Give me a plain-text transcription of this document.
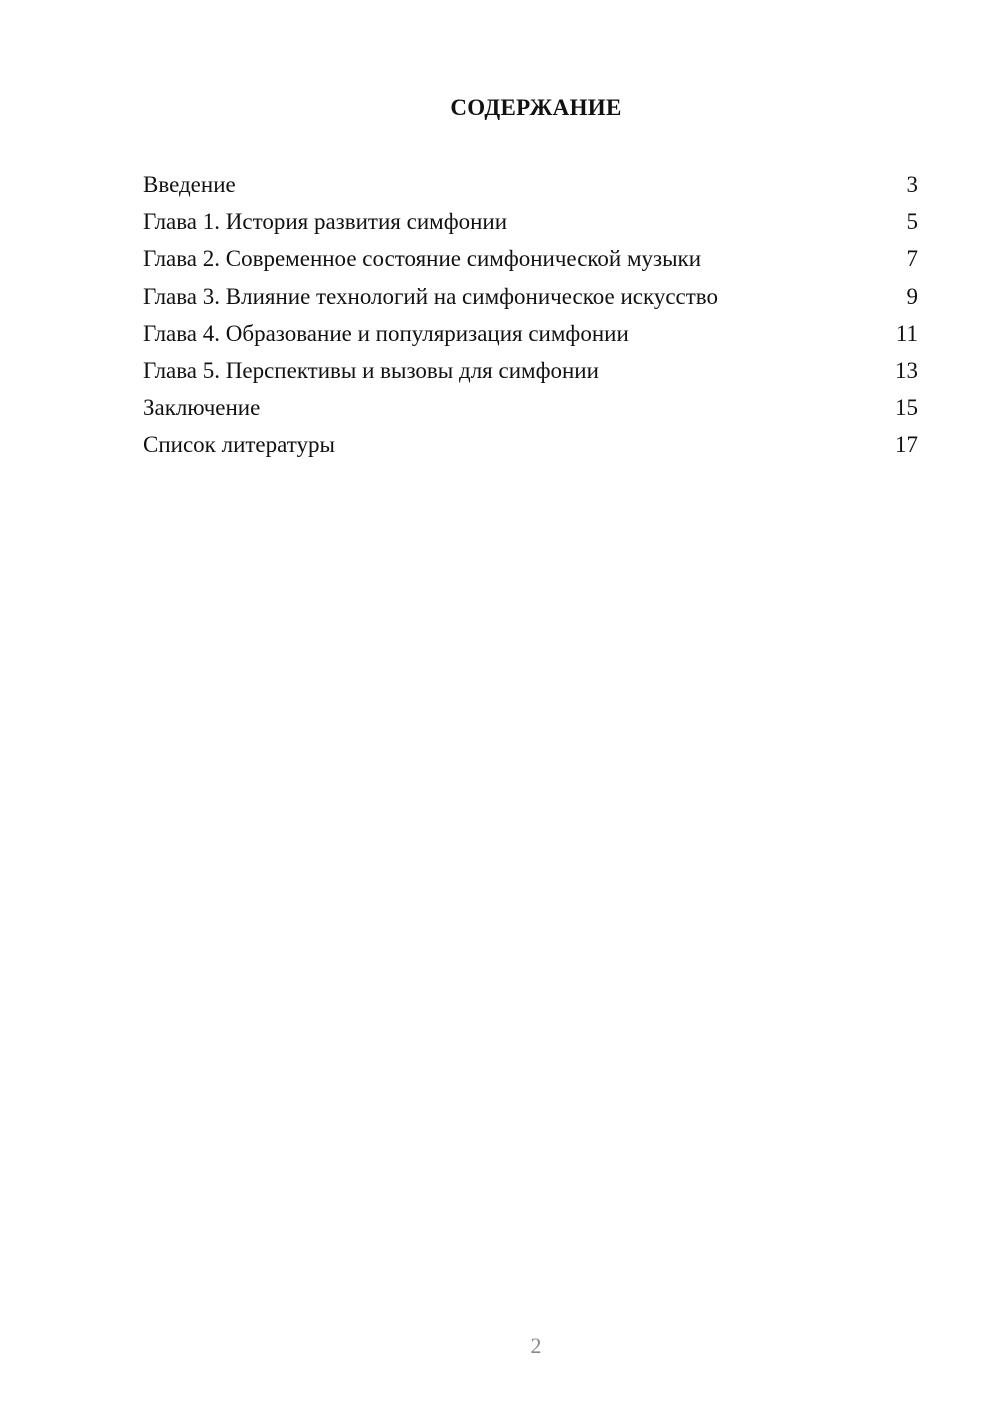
СОДЕРЖАНИЕ
Введение	3
Глава 1. История развития симфонии	5
Глава 2. Современное состояние симфонической музыки	7
Глава 3. Влияние технологий на симфоническое искусство	9
Глава 4. Образование и популяризация симфонии	11
Глава 5. Перспективы и вызовы для симфонии	13
Заключение	15
Список литературы	17
2
